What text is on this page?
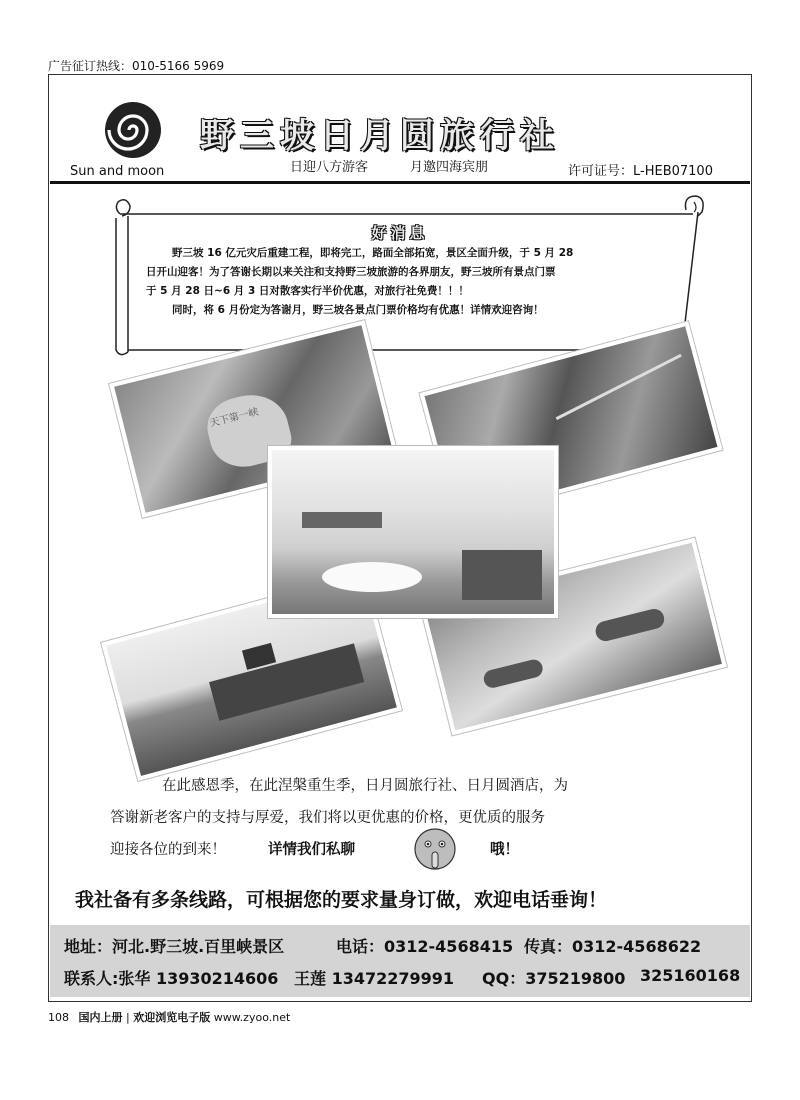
广告征订热线：010-5166 5969
Sun and moon
野三坡日月圆旅行社
日迎八方游客	月邀四海宾朋	许可证号：L-HEB07100
好消息
野三坡 16 亿元灾后重建工程，即将完工，路面全部拓宽，景区全面升级，于 5 月 28
日开山迎客！为了答谢长期以来关注和支持野三坡旅游的各界朋友，野三坡所有景点门票
于 5 月 28 日~6 月 3 日对散客实行半价优惠，对旅行社免费！！！
同时，将 6 月份定为答谢月，野三坡各景点门票价格均有优惠！详情欢迎咨询！
天下第一峡
在此感恩季，在此涅槃重生季，日月圆旅行社、日月圆酒店，为
答谢新老客户的支持与厚爱，我们将以更优惠的价格，更优质的服务
迎接各位的到来！	详情我们私聊	哦！
我社备有多条线路，可根据您的要求量身订做，欢迎电话垂询！
地址：河北.野三坡.百里峡景区	电话：0312-4568415 传真：0312-4568622
联系人:张华 13930214606 王莲 13472279991 QQ：375219800 325160168
108 国内上册 | 欢迎浏览电子版 www.zyoo.net
